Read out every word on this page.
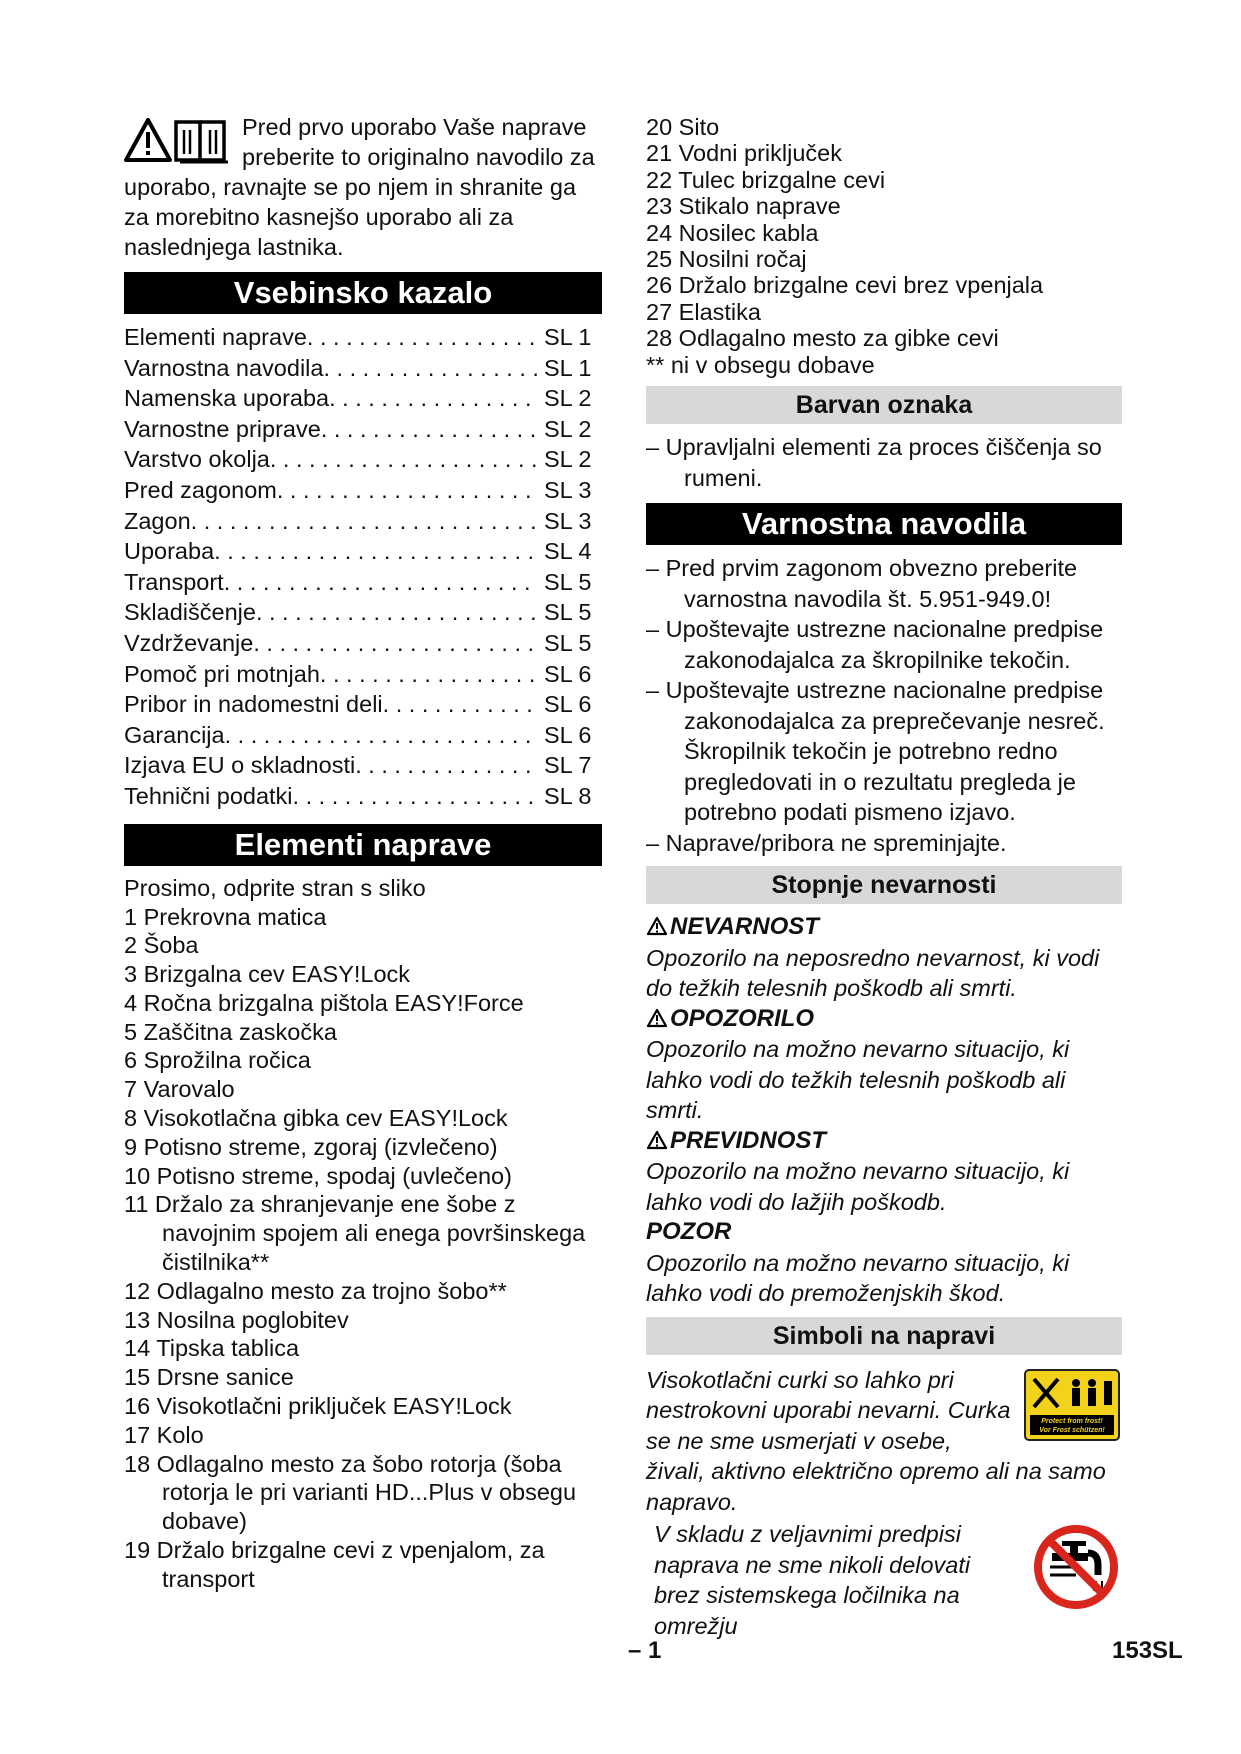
Pred prvo uporabo Vaše naprave preberite to originalno navodilo za uporabo, ravnajte se po njem in shranite ga za morebitno kasnejšo uporabo ali za naslednjega lastnika.
Vsebinsko kazalo
Elementi naprave . . .	SL 1
Varnostna navodila . . .	SL 1
Namenska uporaba . . .	SL 2
Varnostne priprave . . .	SL 2
Varstvo okolja . . .	SL 2
Pred zagonom . . .	SL 3
Zagon . . .	SL 3
Uporaba . . .	SL 4
Transport . . .	SL 5
Skladiščenje . . .	SL 5
Vzdrževanje . . .	SL 5
Pomoč pri motnjah . . .	SL 6
Pribor in nadomestni deli . . .	SL 6
Garancija . . .	SL 6
Izjava EU o skladnosti . . .	SL 7
Tehnični podatki . . .	SL 8
Elementi naprave
Prosimo, odprite stran s sliko
1 Prekrovna matica
2 Šoba
3 Brizgalna cev EASY!Lock
4 Ročna brizgalna pištola EASY!Force
5 Zaščitna zaskočka
6 Sprožilna ročica
7 Varovalo
8 Visokotlačna gibka cev EASY!Lock
9 Potisno streme, zgoraj (izvlečeno)
10 Potisno streme, spodaj (uvlečeno)
11 Držalo za shranjevanje ene šobe z navojnim spojem ali enega površinskega čistilnika**
12 Odlagalno mesto za trojno šobo**
13 Nosilna poglobitev
14 Tipska tablica
15 Drsne sanice
16 Visokotlačni priključek EASY!Lock
17 Kolo
18 Odlagalno mesto za šobo rotorja (šoba rotorja le pri varianti HD...Plus v obsegu dobave)
19 Držalo brizgalne cevi z vpenjalom, za transport
20 Sito
21 Vodni priključek
22 Tulec brizgalne cevi
23 Stikalo naprave
24 Nosilec kabla
25 Nosilni ročaj
26 Držalo brizgalne cevi brez vpenjala
27 Elastika
28 Odlagalno mesto za gibke cevi
** ni v obsegu dobave
Barvan oznaka
– Upravljalni elementi za proces čiščenja so rumeni.
Varnostna navodila
– Pred prvim zagonom obvezno preberite varnostna navodila št. 5.951-949.0!
– Upoštevajte ustrezne nacionalne predpise zakonodajalca za škropilnike tekočin.
– Upoštevajte ustrezne nacionalne predpise zakonodajalca za preprečevanje nesreč. Škropilnik tekočin je potrebno redno pregledovati in o rezultatu pregleda je potrebno podati pismeno izjavo.
– Naprave/pribora ne spreminjajte.
Stopnje nevarnosti
NEVARNOST
Opozorilo na neposredno nevarnost, ki vodi do težkih telesnih poškodb ali smrti.
OPOZORILO
Opozorilo na možno nevarno situacijo, ki lahko vodi do težkih telesnih poškodb ali smrti.
PREVIDNOST
Opozorilo na možno nevarno situacijo, ki lahko vodi do lažjih poškodb.
POZOR
Opozorilo na možno nevarno situacijo, ki lahko vodi do premoženjskih škod.
Simboli na napravi
Protect from frost!
Vor Frost schützen!
Visokotlačni curki so lahko pri nestrokovni uporabi nevarni. Curka se ne sme usmerjati v osebe, živali, aktivno električno opremo ali na samo napravo.
V skladu z veljavnimi predpisi naprava ne sme nikoli delovati brez sistemskega ločilnika na omrežju
– 1	153SL
